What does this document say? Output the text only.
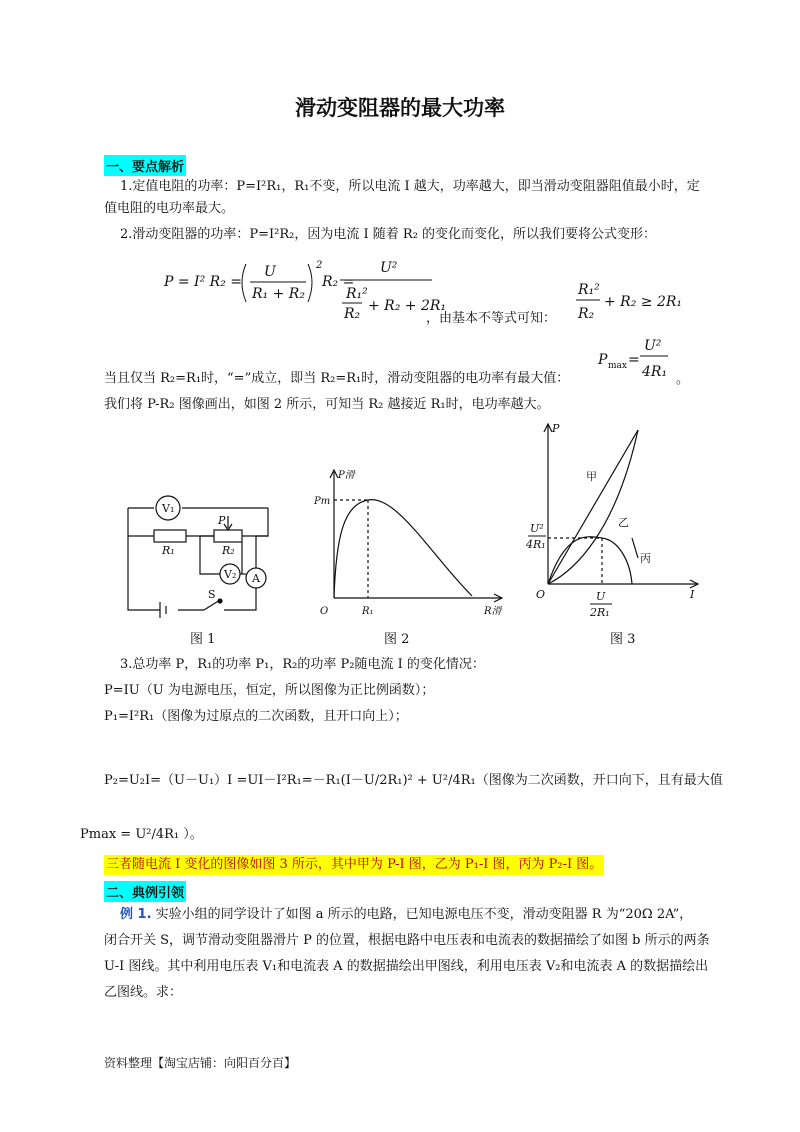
滑动变阻器的最大功率
一、要点解析
1.定值电阻的功率：P=I²R₁，R₁不变，所以电流 I 越大，功率越大，即当滑动变阻器阻值最小时，定
值电阻的电功率最大。
2.滑动变阻器的功率：P=I²R₂，因为电流 I 随着 R₂ 的变化而变化，所以我们要将公式变形：
P = I² R₂ =
U
R₁ + R₂
2
R₂ =
U²
R₁²
R₂ + R₂ + 2R₁
，由基本不等式可知：
R₁²
R₂
+ R₂ ≥ 2R₁
P max =
U²
4R₁
当且仅当 R₂=R₁时，“=”成立，即当 R₂=R₁时，滑动变阻器的电功率有最大值：	。
我们将 P-R₂ 图像画出，如图 2 所示，可知当 R₂ 越接近 R₁时，电功率越大。
V₁
R₁	R₂
P
V₂ A
S
图 1
P滑
Pm
O	R₁	R滑
图 2
P
甲
乙
丙
U²
4R₁
O	U
2R₁
I
图 3
3.总功率 P，R₁的功率 P₁，R₂的功率 P₂随电流 I 的变化情况：
P=IU（U 为电源电压，恒定，所以图像为正比例函数）；
P₁=I²R₁（图像为过原点的二次函数，且开口向上）；
P₂=U₂I=（U－U₁）I =UI－I²R₁=－R₁(I－U/2R₁)² + U²/4R₁（图像为二次函数，开口向下，且有最大值
Pmax = U²/4R₁ ）。
三者随电流 I 变化的图像如图 3 所示，其中甲为 P-I 图，乙为 P₁-I 图，丙为 P₂-I 图。
二、典例引领
例 1. 实验小组的同学设计了如图 a 所示的电路，已知电源电压不变，滑动变阻器 R 为“20Ω 2A”，
闭合开关 S，调节滑动变阻器滑片 P 的位置，根据电路中电压表和电流表的数据描绘了如图 b 所示的两条
U-I 图线。其中利用电压表 V₁和电流表 A 的数据描绘出甲图线，利用电压表 V₂和电流表 A 的数据描绘出
乙图线。求：
资料整理【淘宝店铺：向阳百分百】
